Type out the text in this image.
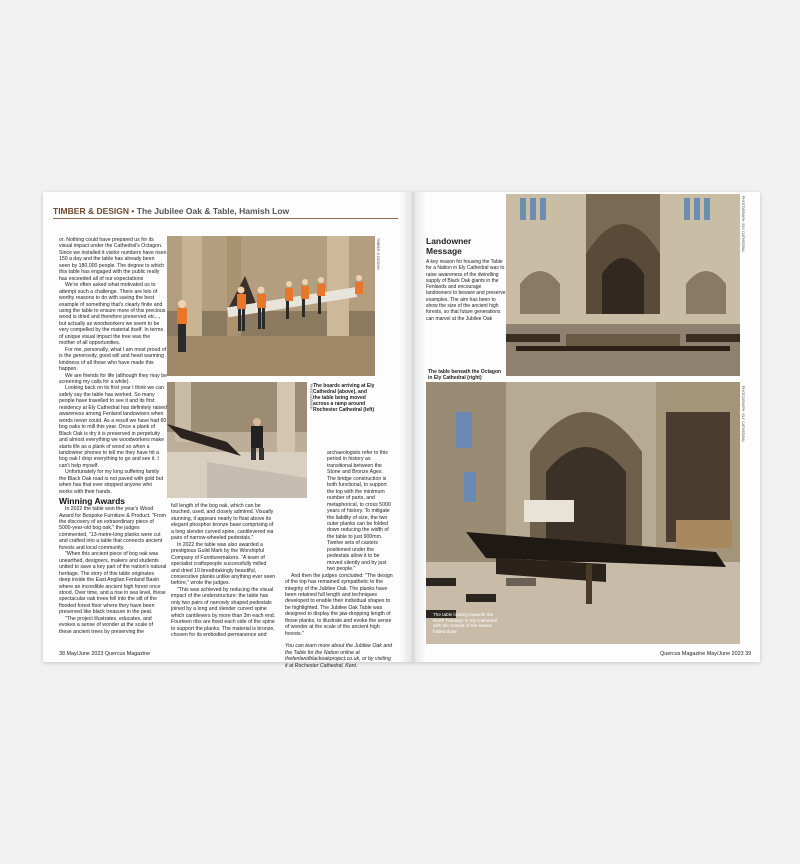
TIMBER & DESIGN • The Jubilee Oak & Table, Hamish Low

or. Nothing could have prepared us for its visual impact under the Cathedral's Octagon. Since we installed it visitor numbers have risen 150 a day and the table has already been seen by 180,000 people. The degree to which this table has engaged with the public really has exceeded all of our expectations

We're often asked what motivated us to attempt such a challenge. There are lots of worthy reasons to do with saving the best example of something that's clearly finite and using the table to ensure more of this precious wood is dried and therefore preserved etc..., but actually as woodworkers we seem to be very compelled by the material itself. In terms of unique visual impact the tree was the mother of all opportunities.

For me, personally, what I am most proud of is the generosity, good will and heart warming kindness of all those who have made this happen.

We are friends for life (although they may be screening my calls for a while).

Looking back on its first year I think we can safely say the table has worked. So many people have travelled to see it and its first residency at Ely Cathedral has definitely raised awareness among Fenland landowners when words never could. As a result we have had 60 bog oaks to mill this year. Once a plank of Black Oak is dry it is preserved in perpetuity and almost everything we woodworkers make starts life as a plank of wood so when a landowner phones to tell me they have hit a bog oak I drop everything to go and see it. I can't help myself.

Unfortunately for my long suffering family the Black Oak road is not paved with gold but when has that ever stopped anyone who works with their hands.

Winning Awards

In 2022 the table won the year's Wood Award for Bespoke Furniture & Product. "From the discovery of an extraordinary piece of 5000-year-old bog oak," the judges commented, "13-metre-long planks were cut and crafted into a table that connects ancient forests and local community.

"When this ancient piece of bog oak was unearthed, designers, makers and students united to save a key part of the nation's natural heritage. The story of this table originates deep inside the East Anglian Fenland Basin where an incredible ancient high forest once stood. Over time, and a rise in sea level, these spectacular oak trees fell into the silt of the flooded forest floor where they have been preserved like black treasure in the peat.

"The project illustrates, educates, and evokes a sense of wonder at the scale of these ancient trees by preserving the

TIMBER & DESIGN
PHOTOGRAPH The boards arriving at Ely Cathedral (above), and the table being moved across a ramp around Rochester Cathedral (left)

full length of the bog oak, which can be touched, used, and closely admired. Visually stunning, it appears nearly to float above its elegant phosphor bronze base comprising of a long slender curved spine, cantilevered via pairs of narrow-wheeled pedestals."

In 2022 the table was also awarded a prestigious Guild Mark by the Worshipful Company of Furnituremakers. "A team of specialist craftspeople successfully milled and dried 10 breathtakingly beautiful, consecutive planks unlike anything ever seen before," wrote the judges.

"This was achieved by reducing the visual impact of the understructure: the table has only two pairs of narrowly shaped pedestals joined by a long and slender curved spine which cantilevers by more than 3m each end. Fourteen ribs are fixed each side of the spine to support the planks. The material is bronze, chosen for its embodied permanence and

archaeologists refer to this period in history as transitional between the Stone and Bronze Ages. The bridge construction is both functional, to support the top with the minimum number of parts, and metaphorical, to cross 5000 years of history. To mitigate the liability of size, the two outer planks can be folded down reducing the width of the table to just 900mm. Twelve sets of casters positioned under the pedestals allow it to be moved silently and by just two people."

And then the judges concluded: "The design of the top has remained sympathetic to the integrity of the Jubilee Oak. The planks have been retained full length and techniques developed to enable their individual shapes to be highlighted. The Jubilee Oak Table was designed to display the jaw-dropping length of those planks, to illustrate and evoke the sense of wonder at the scale of the ancient high forests."

You can learn more about the Jubilee Oak and the Table for the Nation online at thefenlandblackoakproject.co.uk, or by visiting it at Rochester Cathedral, Kent.

38 May/June 2023 Quercus Magazine
Landowner Message

A key reason for housing the Table for a Nation in Ely Cathedral was to raise awareness of the dwindling supply of Black Oak giants in the Fenlands and encourage landowners to beware and preserve examples. The aim has been to show the size of the ancient high forests, so that future generations can marvel at the Jubilee Oak

PHOTOGRAPH: ELY CATHEDRAL
The table beneath the Octagon in Ely Cathedral (right)
PHOTOGRAPH: ELY CATHEDRAL
The table looking towards the North Transept in Ely Cathedral, with the closest of the leaves folded down
Quercus Magazine May/June 2023 39
